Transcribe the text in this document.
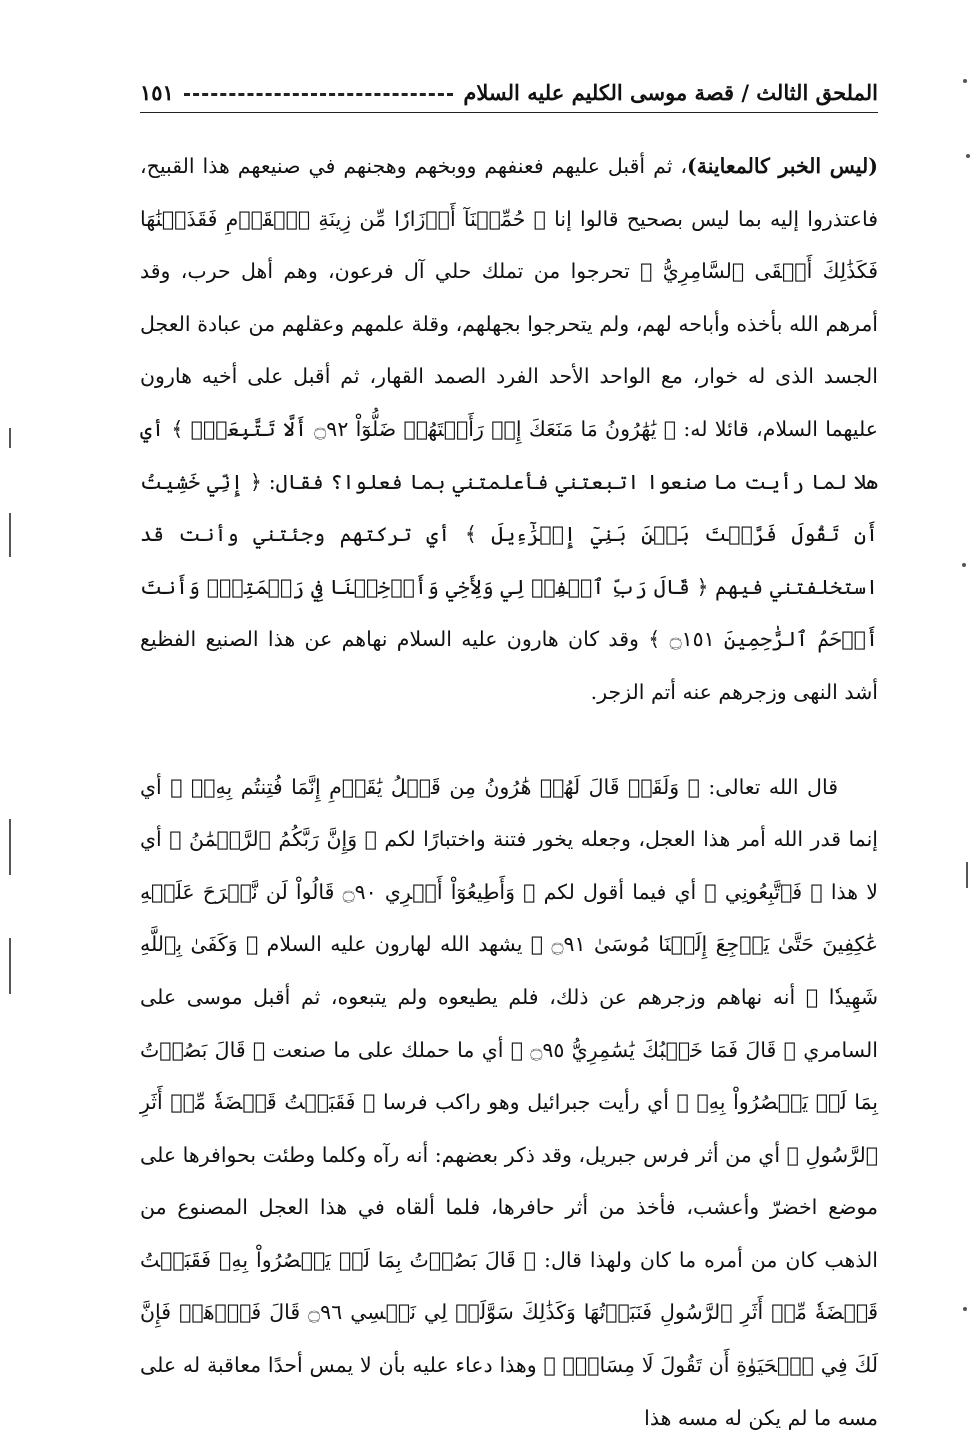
الملحق الثالث / قصة موسى الكليم عليه السلام
١٥١

(ليس الخبر كالمعاينة)، ثم أقبل عليهم فعنفهم ووبخهم وهجنهم في صنيعهم هذا القبيح، فاعتذروا إليه بما ليس بصحيح قالوا إنا ﴿ حُمِّلۡنَآ أَوۡزَارٗا مِّن زِينَةِ ٱلۡقَوۡمِ فَقَذَفۡنَٰهَا فَكَذَٰلِكَ أَلۡقَى ٱلسَّامِرِيُّ ﴾ تحرجوا من تملك حلي آل فرعون، وهم أهل حرب، وقد أمرهم الله بأخذه وأباحه لهم، ولم يتحرجوا بجهلهم، وقلة علمهم وعقلهم من عبادة العجل الجسد الذى له خوار، مع الواحد الأحد الفرد الصمد القهار، ثم أقبل على أخيه هارون عليهما السلام، قائلا له: ﴿ يَٰهَٰرُونُ مَا مَنَعَكَ إِذۡ رَأَيۡتَهُمۡ ضَلُّوٓاْ ۝٩٢ أَلَّا تَتَّبِعَنِۖ ﴾ أي هلا لما رأيت ما صنعوا اتبعتني فأعلمتني بما فعلوا؟ فقال: ﴿ إِنِّي خَشِيتُ أَن تَقُولَ فَرَّقۡتَ بَيۡنَ بَنِيٓ إِسۡرَٰٓءِيلَ ﴾ أي تركتهم وجئتني وأنت قد استخلفتني فيهم ﴿ قَالَ رَبِّ ٱغۡفِرۡ لِي وَلِأَخِي وَأَدۡخِلۡنَا فِي رَحۡمَتِكَۖ وَأَنتَ أَرۡحَمُ ٱلرَّٰحِمِينَ ۝١٥١ ﴾ وقد كان هارون عليه السلام نهاهم عن هذا الصنيع الفظيع أشد النهى وزجرهم عنه أتم الزجر.

قال الله تعالى: ﴿ وَلَقَدۡ قَالَ لَهُمۡ هَٰرُونُ مِن قَبۡلُ يَٰقَوۡمِ إِنَّمَا فُتِنتُم بِهِۦۖ ﴾ أي إنما قدر الله أمر هذا العجل، وجعله يخور فتنة واختبارًا لكم ﴿ وَإِنَّ رَبَّكُمُ ٱلرَّحۡمَٰنُ ﴾ أي لا هذا ﴿ فَٱتَّبِعُونِي ﴾ أي فيما أقول لكم ﴿ وَأَطِيعُوٓاْ أَمۡرِي ۝٩٠ قَالُواْ لَن نَّبۡرَحَ عَلَيۡهِ عَٰكِفِينَ حَتَّىٰ يَرۡجِعَ إِلَيۡنَا مُوسَىٰ ۝٩١ ﴾ يشهد الله لهارون عليه السلام ﴿ وَكَفَىٰ بِٱللَّهِ شَهِيدٗا ﴾ أنه نهاهم وزجرهم عن ذلك، فلم يطيعوه ولم يتبعوه، ثم أقبل موسى على السامري ﴿ قَالَ فَمَا خَطۡبُكَ يَٰسَٰمِرِيُّ ۝٩٥ ﴾ أي ما حملك على ما صنعت ﴿ قَالَ بَصُرۡتُ بِمَا لَمۡ يَبۡصُرُواْ بِهِۦ ﴾ أي رأيت جبرائيل وهو راكب فرسا ﴿ فَقَبَضۡتُ قَبۡضَةٗ مِّنۡ أَثَرِ ٱلرَّسُولِ ﴾ أي من أثر فرس جبريل، وقد ذكر بعضهم: أنه رآه وكلما وطئت بحوافرها على موضع اخضرّ وأعشب، فأخذ من أثر حافرها، فلما ألقاه في هذا العجل المصنوع من الذهب كان من أمره ما كان ولهذا قال: ﴿ قَالَ بَصُرۡتُ بِمَا لَمۡ يَبۡصُرُواْ بِهِۦ فَقَبَضۡتُ قَبۡضَةٗ مِّنۡ أَثَرِ ٱلرَّسُولِ فَنَبَذۡتُهَا وَكَذَٰلِكَ سَوَّلَتۡ لِي نَفۡسِي ۝٩٦ قَالَ فَٱذۡهَبۡ فَإِنَّ لَكَ فِي ٱلۡحَيَوٰةِ أَن تَقُولَ لَا مِسَاسَۖ ﴾ وهذا دعاء عليه بأن لا يمس أحدًا معاقبة له على مسه ما لم يكن له مسه هذا
